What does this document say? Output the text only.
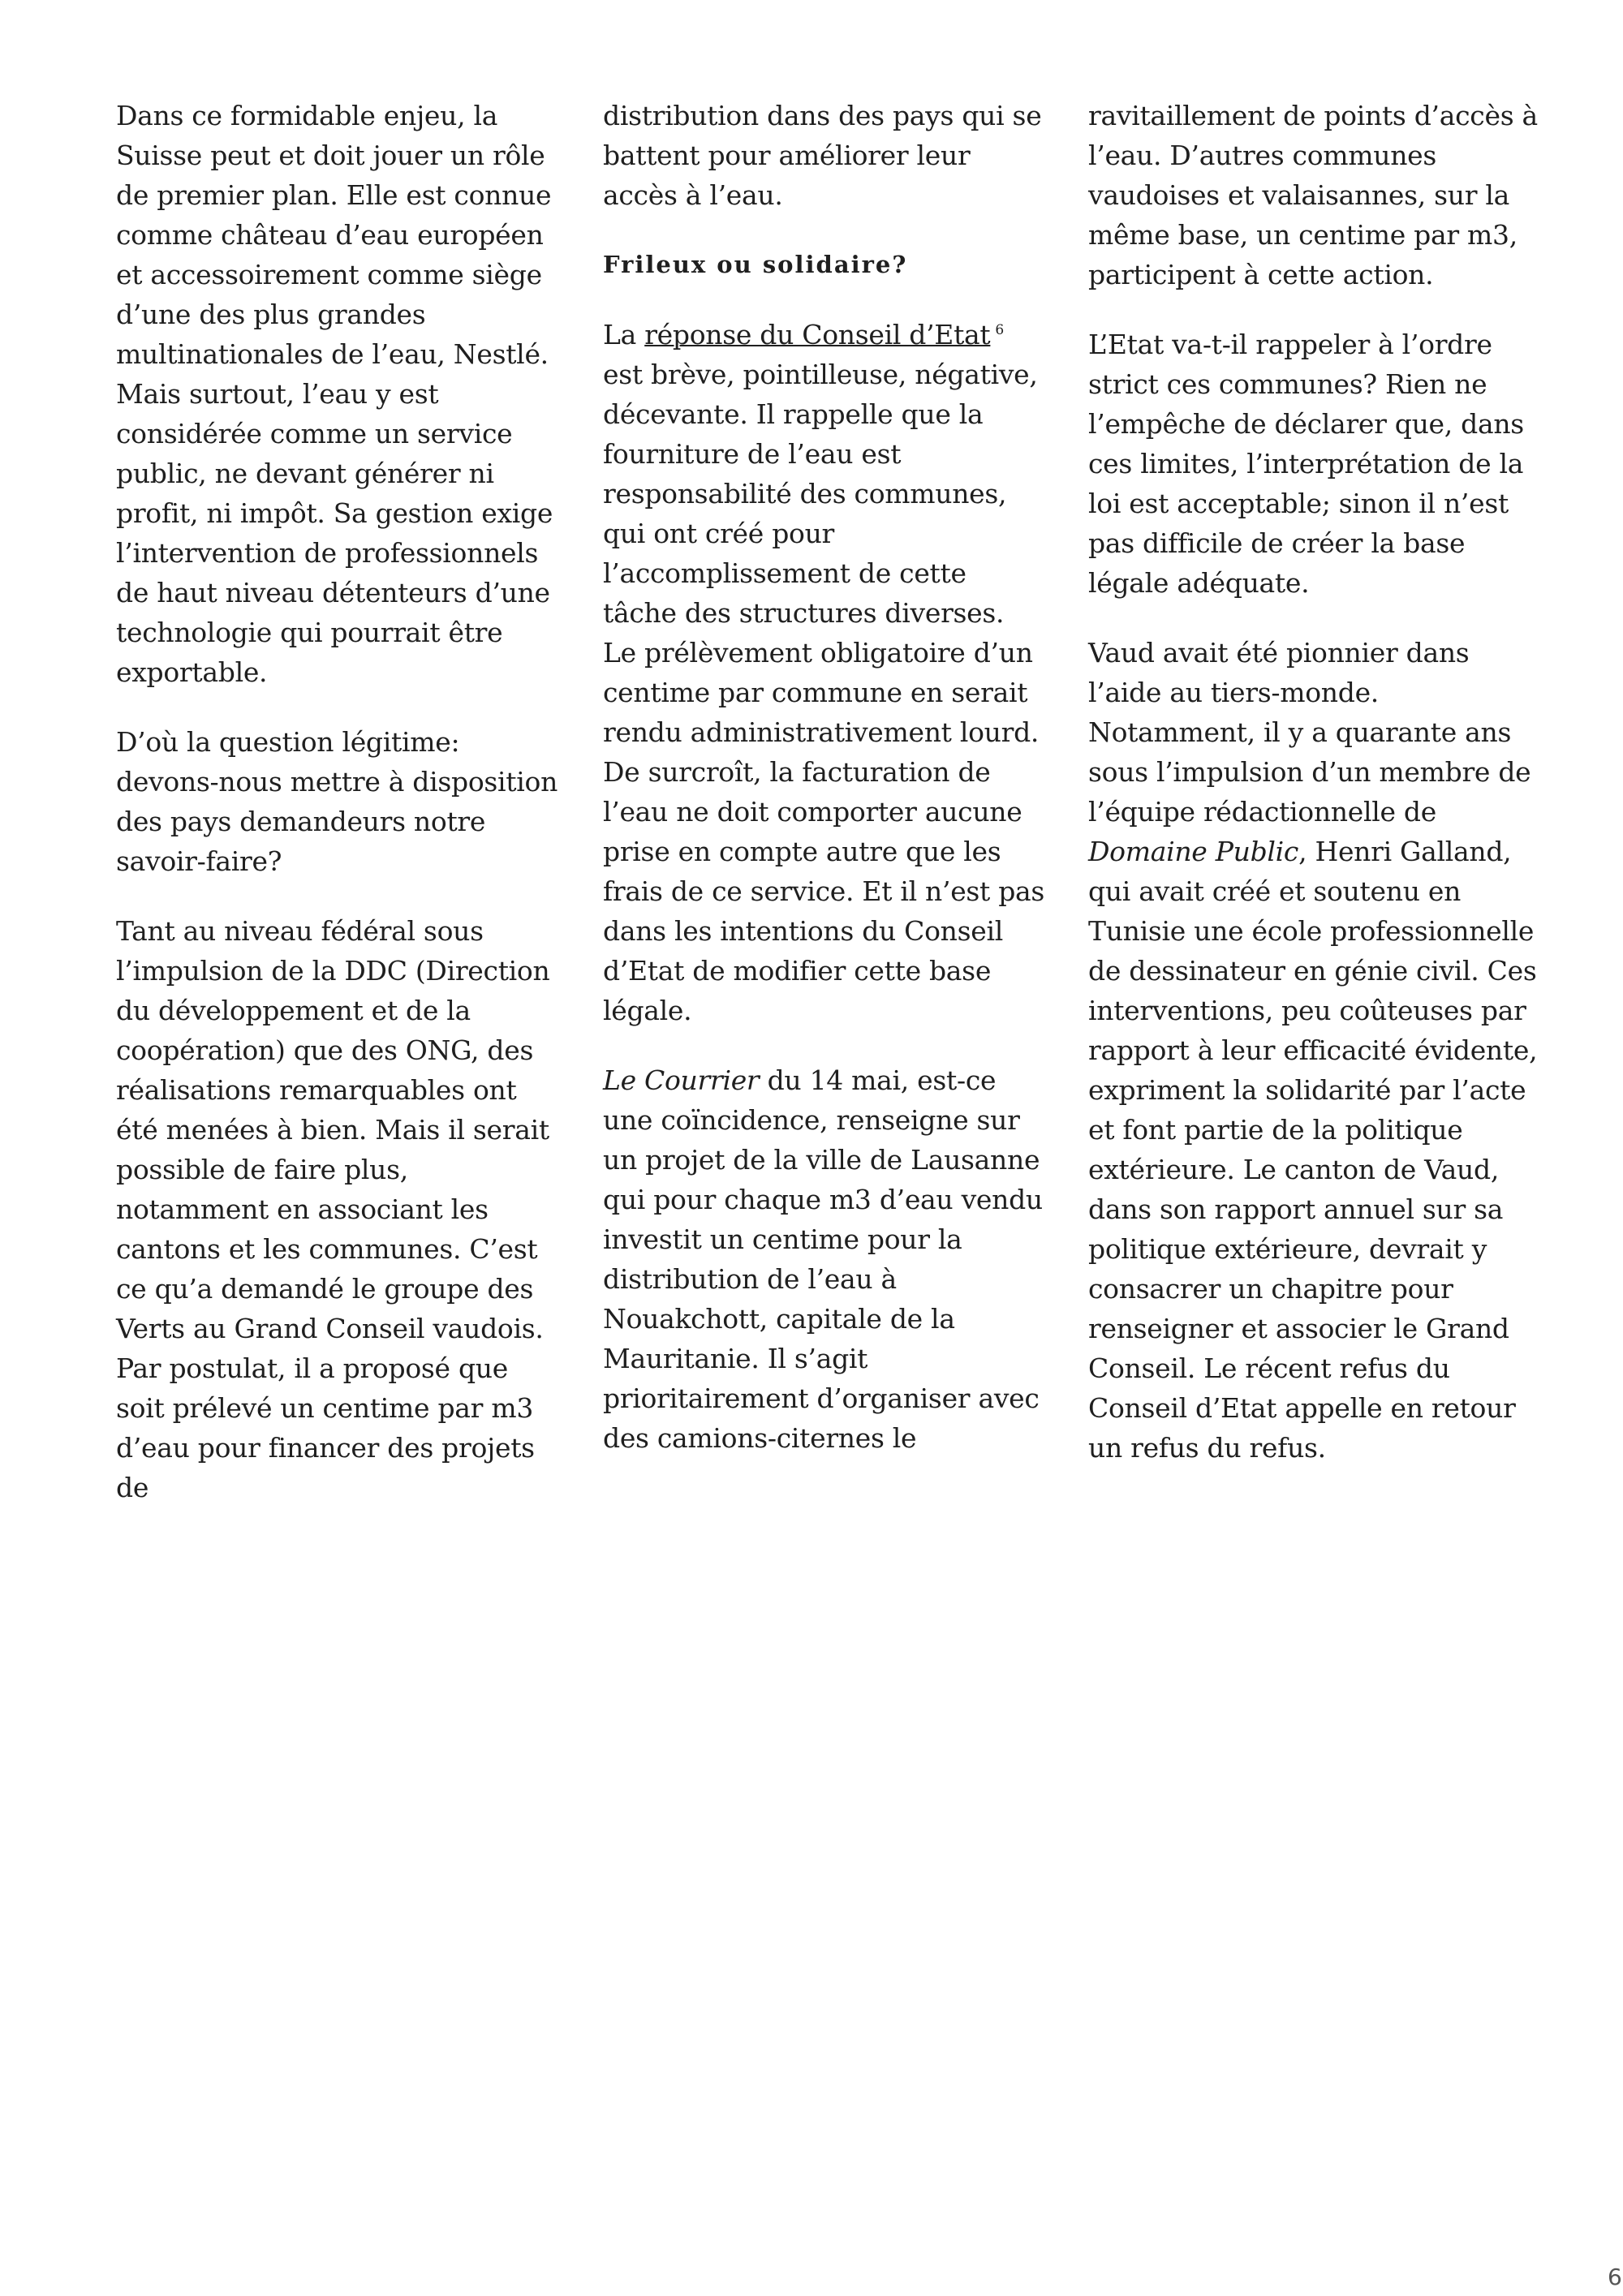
Dans ce formidable enjeu, la Suisse peut et doit jouer un rôle de premier plan. Elle est connue comme château d’eau européen et accessoirement comme siège d’une des plus grandes multinationales de l’eau, Nestlé. Mais surtout, l’eau y est considérée comme un service public, ne devant générer ni profit, ni impôt. Sa gestion exige l’intervention de professionnels de haut niveau détenteurs d’une technologie qui pourrait être exportable.

D’où la question légitime: devons-nous mettre à disposition des pays demandeurs notre savoir-faire?

Tant au niveau fédéral sous l’impulsion de la DDC (Direction du développement et de la coopération) que des ONG, des réalisations remarquables ont été menées à bien. Mais il serait possible de faire plus, notamment en associant les cantons et les communes. C’est ce qu’a demandé le groupe des Verts au Grand Conseil vaudois. Par postulat, il a proposé que soit prélevé un centime par m3 d’eau pour financer des projets de

distribution dans des pays qui se battent pour améliorer leur accès à l’eau.

Frileux ou solidaire?

La réponse du Conseil d’Etat $^6$ est brève, pointilleuse, négative, décevante. Il rappelle que la fourniture de l’eau est responsabilité des communes, qui ont créé pour l’accomplissement de cette tâche des structures diverses. Le prélèvement obligatoire d’un centime par commune en serait rendu administrativement lourd. De surcroît, la facturation de l’eau ne doit comporter aucune prise en compte autre que les frais de ce service. Et il n’est pas dans les intentions du Conseil d’Etat de modifier cette base légale.

Le Courrier du 14 mai, est-ce une coïncidence, renseigne sur un projet de la ville de Lausanne qui pour chaque m3 d’eau vendu investit un centime pour la distribution de l’eau à Nouakchott, capitale de la Mauritanie. Il s’agit prioritairement d’organiser avec des camions-citernes le

ravitaillement de points d’accès à l’eau. D’autres communes vaudoises et valaisannes, sur la même base, un centime par m3, participent à cette action.

L’Etat va-t-il rappeler à l’ordre strict ces communes? Rien ne l’empêche de déclarer que, dans ces limites, l’interprétation de la loi est acceptable; sinon il n’est pas difficile de créer la base légale adéquate.

Vaud avait été pionnier dans l’aide au tiers-monde. Notamment, il y a quarante ans sous l’impulsion d’un membre de l’équipe rédactionnelle de Domaine Public, Henri Galland, qui avait créé et soutenu en Tunisie une école professionnelle de dessinateur en génie civil. Ces interventions, peu coûteuses par rapport à leur efficacité évidente, expriment la solidarité par l’acte et font partie de la politique extérieure. Le canton de Vaud, dans son rapport annuel sur sa politique extérieure, devrait y consacrer un chapitre pour renseigner et associer le Grand Conseil. Le récent refus du Conseil d’Etat appelle en retour un refus du refus.

6
